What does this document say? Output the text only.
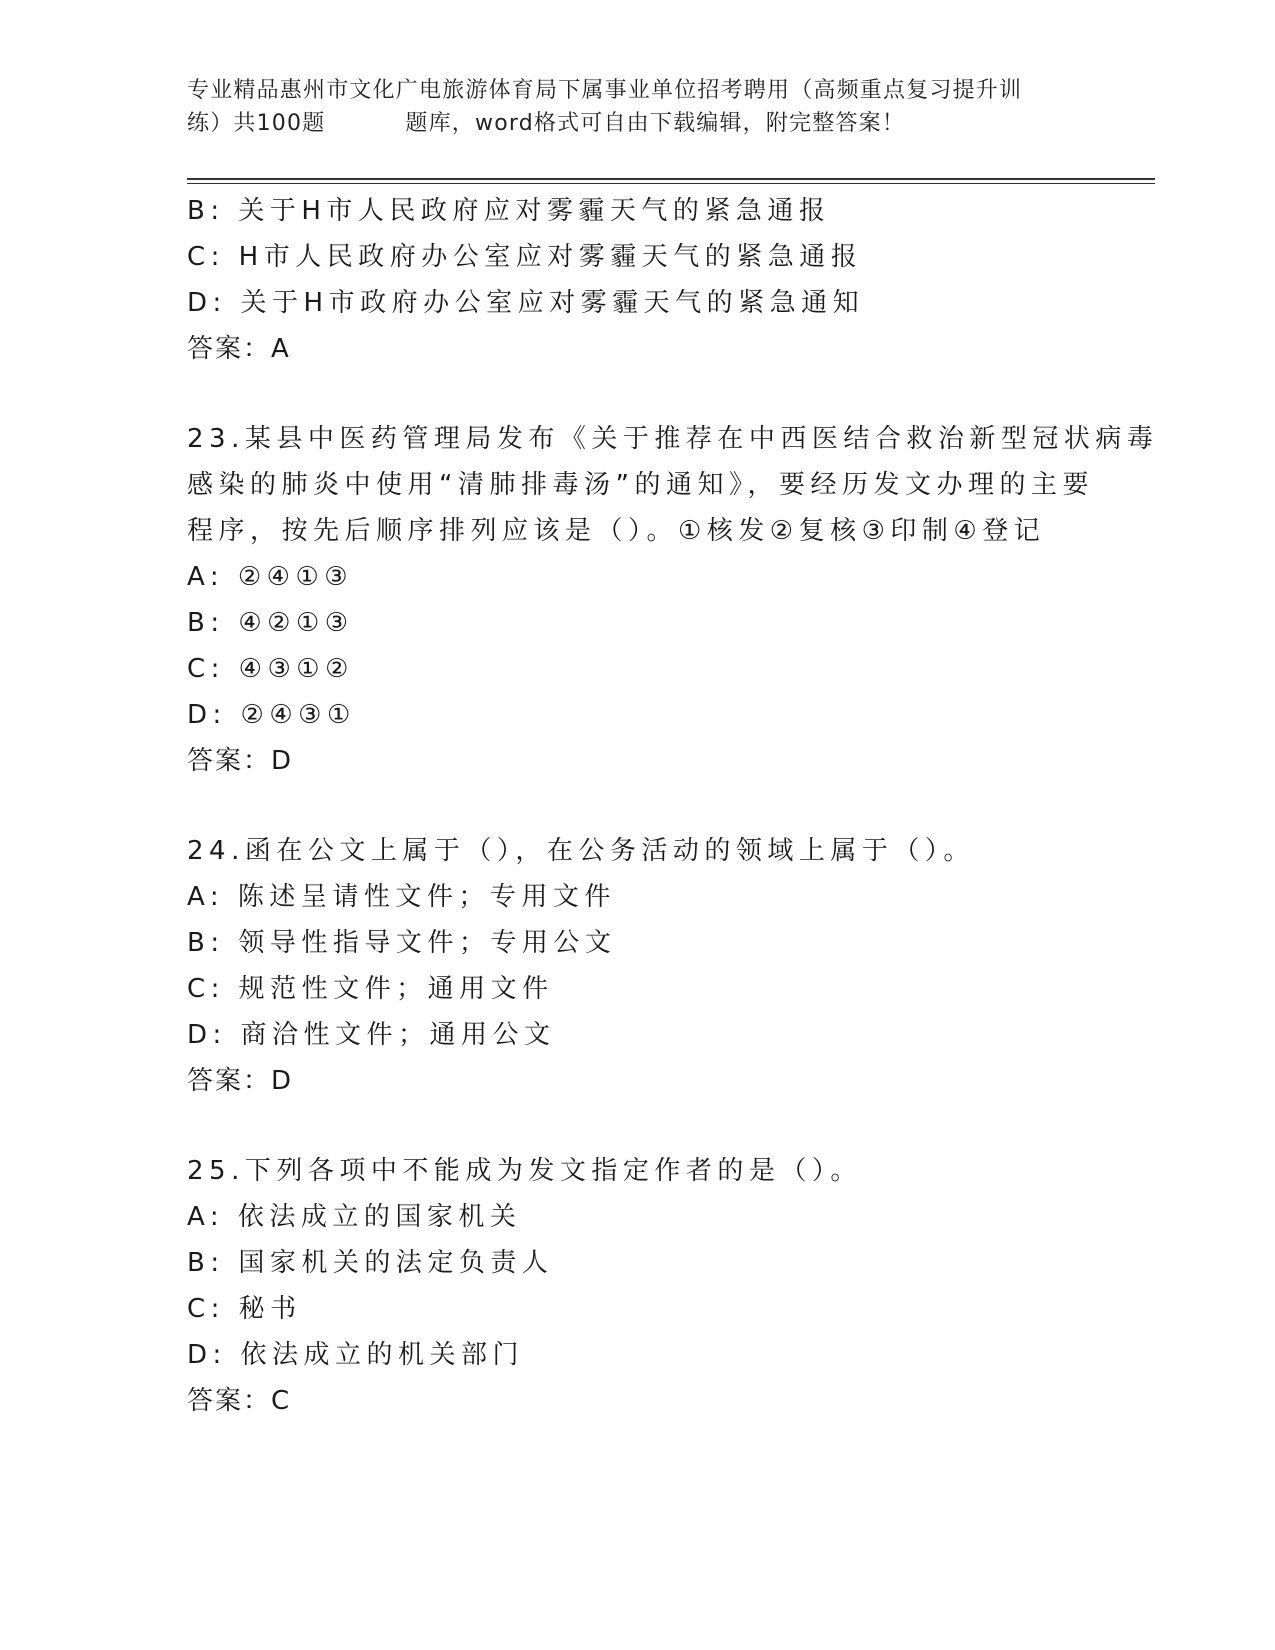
专业精品惠州市文化广电旅游体育局下属事业单位招考聘用（高频重点复习提升训
练）共100题	题库，word格式可自由下载编辑，附完整答案！
B: 关于H市人民政府应对雾霾天气的紧急通报
C: H市人民政府办公室应对雾霾天气的紧急通报
D: 关于H市政府办公室应对雾霾天气的紧急通知
答案：A
23.某县中医药管理局发布《关于推荐在中西医结合救治新型冠状病毒
感染的肺炎中使用“清肺排毒汤”的通知》，要经历发文办理的主要
程序，按先后顺序排列应该是（）。①核发②复核③印制④登记
A: ②④①③
B: ④②①③
C: ④③①②
D: ②④③①
答案：D
24.函在公文上属于（），在公务活动的领域上属于（）。
A: 陈述呈请性文件；专用文件
B: 领导性指导文件；专用公文
C: 规范性文件；通用文件
D: 商洽性文件；通用公文
答案：D
25.下列各项中不能成为发文指定作者的是（）。
A: 依法成立的国家机关
B: 国家机关的法定负责人
C: 秘书
D: 依法成立的机关部门
答案：C
